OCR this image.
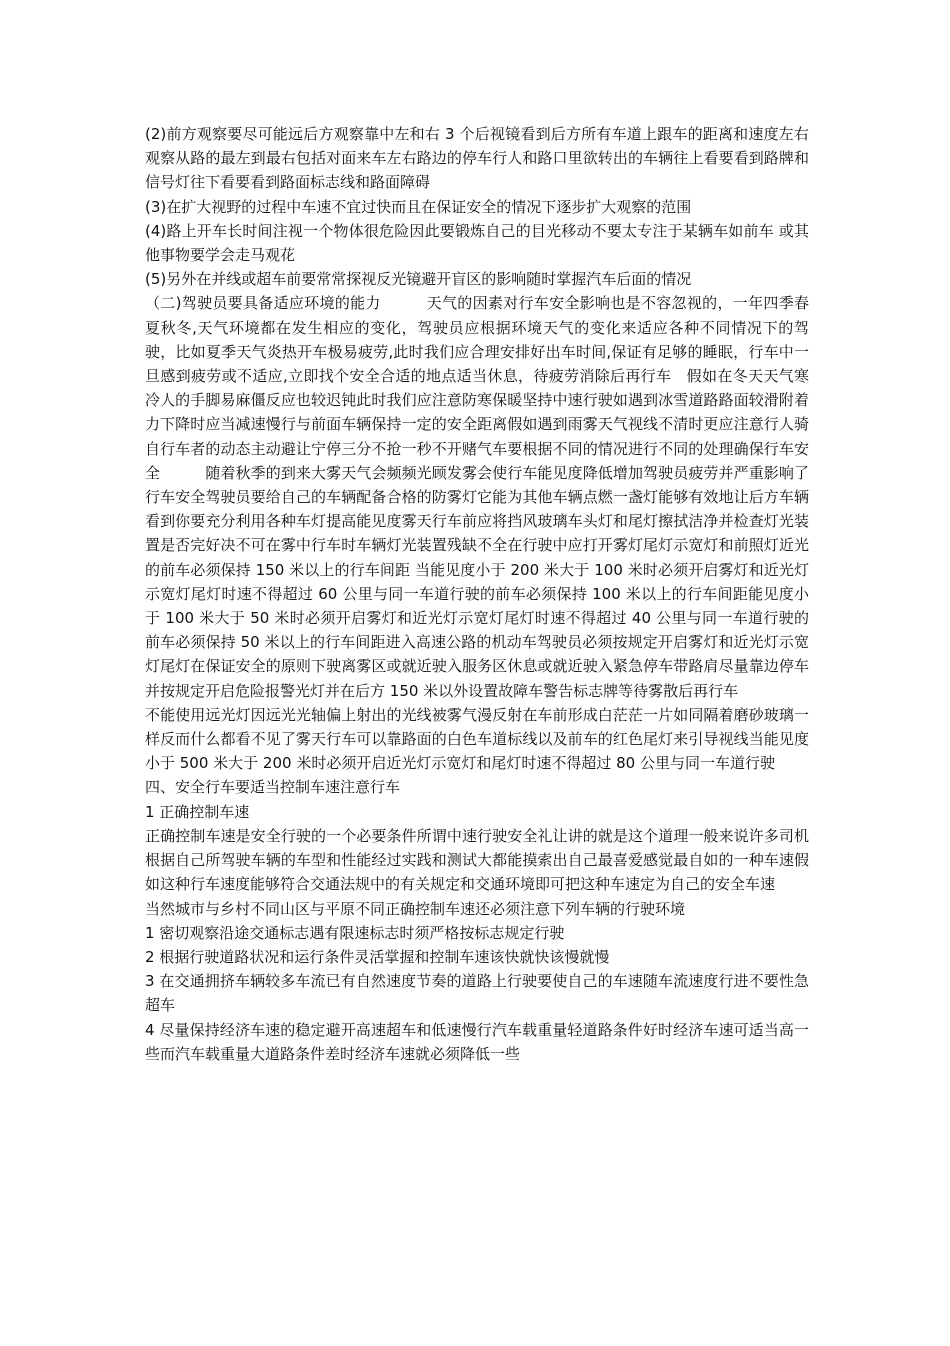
(2)前方观察要尽可能远后方观察靠中左和右 3 个后视镜看到后方所有车道上跟车的距离和速度左右观察从路的最左到最右包括对面来车左右路边的停车行人和路口里欲转出的车辆往上看要看到路牌和信号灯往下看要看到路面标志线和路面障碍

(3)在扩大视野的过程中车速不宜过快而且在保证安全的情况下逐步扩大观察的范围

(4)路上开车长时间注视一个物体很危险因此要锻炼自己的目光移动不要太专注于某辆车如前车 或其他事物要学会走马观花

(5)另外在并线或超车前要常常探视反光镜避开盲区的影响随时掌握汽车后面的情况

（二)驾驶员要具备适应环境的能力　　　天气的因素对行车安全影响也是不容忽视的，一年四季春夏秋冬,天气环境都在发生相应的变化，驾驶员应根据环境天气的变化来适应各种不同情况下的驾驶，比如夏季天气炎热开车极易疲劳,此时我们应合理安排好出车时间,保证有足够的睡眠，行车中一旦感到疲劳或不适应,立即找个安全合适的地点适当休息，待疲劳消除后再行车　假如在冬天天气寒冷人的手脚易麻僵反应也较迟钝此时我们应注意防寒保暖坚持中速行驶如遇到冰雪道路路面较滑附着力下降时应当减速慢行与前面车辆保持一定的安全距离假如遇到雨雾天气视线不清时更应注意行人骑自行车者的动态主动避让宁停三分不抢一秒不开赌气车要根据不同的情况进行不同的处理确保行车安全　　　随着秋季的到来大雾天气会频频光顾发雾会使行车能见度降低增加驾驶员疲劳并严重影响了行车安全驾驶员要给自己的车辆配备合格的防雾灯它能为其他车辆点燃一盏灯能够有效地让后方车辆看到你要充分利用各种车灯提高能见度雾天行车前应将挡风玻璃车头灯和尾灯擦拭洁净并检查灯光装置是否完好决不可在雾中行车时车辆灯光装置残缺不全在行驶中应打开雾灯尾灯示宽灯和前照灯近光的前车必须保持 150 米以上的行车间距 当能见度小于 200 米大于 100 米时必须开启雾灯和近光灯示宽灯尾灯时速不得超过 60 公里与同一车道行驶的前车必须保持 100 米以上的行车间距能见度小于 100 米大于 50 米时必须开启雾灯和近光灯示宽灯尾灯时速不得超过 40 公里与同一车道行驶的前车必须保持 50 米以上的行车间距进入高速公路的机动车驾驶员必须按规定开启雾灯和近光灯示宽灯尾灯在保证安全的原则下驶离雾区或就近驶入服务区休息或就近驶入紧急停车带路肩尽量靠边停车并按规定开启危险报警光灯并在后方 150 米以外设置故障车警告标志牌等待雾散后再行车

不能使用远光灯因远光光轴偏上射出的光线被雾气漫反射在车前形成白茫茫一片如同隔着磨砂玻璃一样反而什么都看不见了雾天行车可以靠路面的白色车道标线以及前车的红色尾灯来引导视线当能见度小于 500 米大于 200 米时必须开启近光灯示宽灯和尾灯时速不得超过 80 公里与同一车道行驶

四、安全行车要适当控制车速注意行车

1 正确控制车速

正确控制车速是安全行驶的一个必要条件所谓中速行驶安全礼让讲的就是这个道理一般来说许多司机根据自己所驾驶车辆的车型和性能经过实践和测试大都能摸索出自己最喜爱感觉最自如的一种车速假如这种行车速度能够符合交通法规中的有关规定和交通环境即可把这种车速定为自己的安全车速

当然城市与乡村不同山区与平原不同正确控制车速还必须注意下列车辆的行驶环境

1 密切观察沿途交通标志遇有限速标志时须严格按标志规定行驶

2 根据行驶道路状况和运行条件灵活掌握和控制车速该快就快该慢就慢

3 在交通拥挤车辆较多车流已有自然速度节奏的道路上行驶要使自己的车速随车流速度行进不要性急超车

4 尽量保持经济车速的稳定避开高速超车和低速慢行汽车载重量轻道路条件好时经济车速可适当高一些而汽车载重量大道路条件差时经济车速就必须降低一些
